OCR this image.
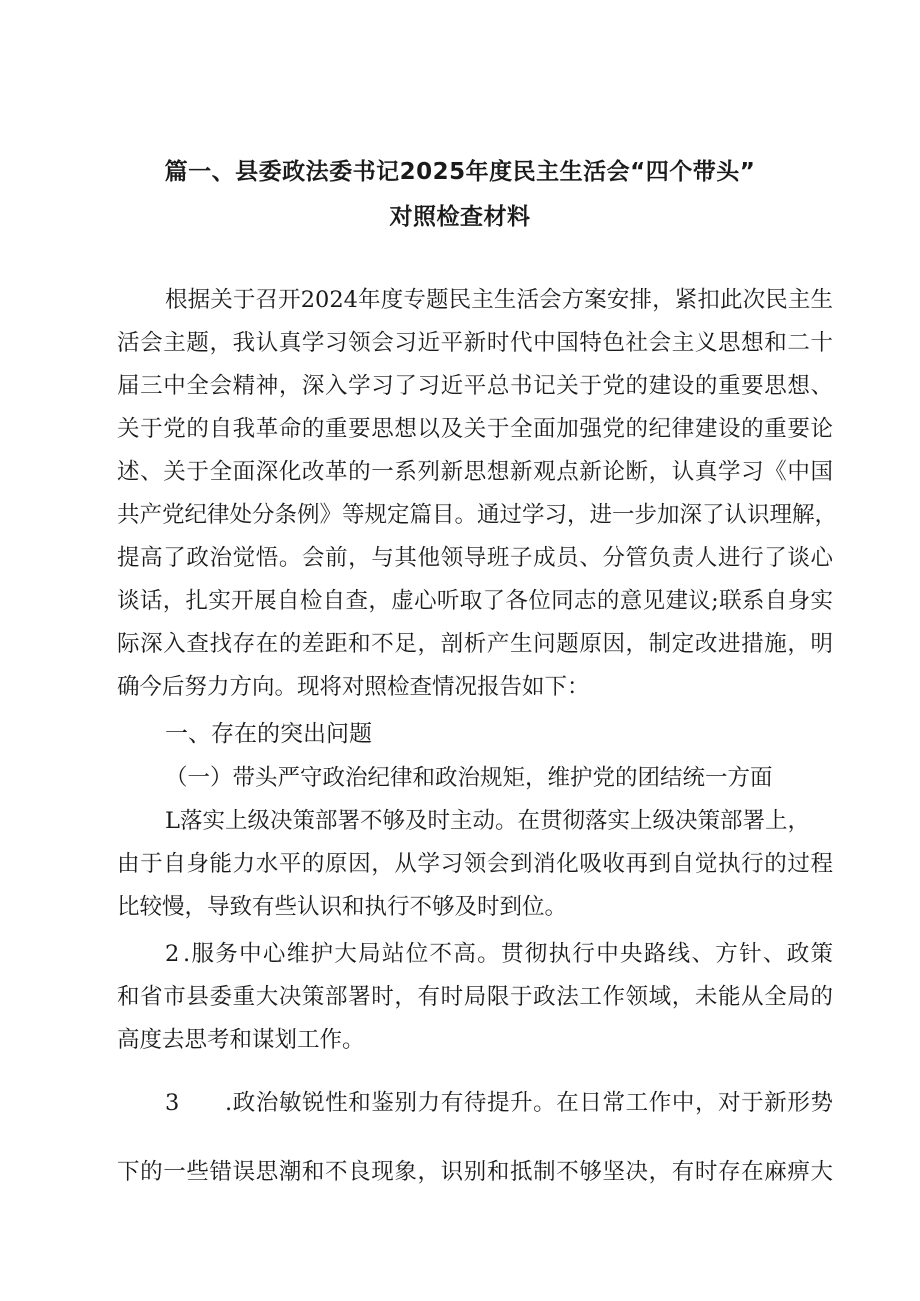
篇一、县委政法委书记2025年度民主生活会“四个带头”
对照检查材料
根据关于召开2024年度专题民主生活会方案安排，紧扣此次民主生
活会主题，我认真学习领会习近平新时代中国特色社会主义思想和二十
届三中全会精神，深入学习了习近平总书记关于党的建设的重要思想、
关于党的自我革命的重要思想以及关于全面加强党的纪律建设的重要论
述、关于全面深化改革的一系列新思想新观点新论断，认真学习《中国
共产党纪律处分条例》等规定篇目。通过学习，进一步加深了认识理解，
提高了政治觉悟。会前，与其他领导班子成员、分管负责人进行了谈心
谈话，扎实开展自检自查，虚心听取了各位同志的意见建议;联系自身实
际深入查找存在的差距和不足，剖析产生问题原因，制定改进措施，明
确今后努力方向。现将对照检查情况报告如下：
一、存在的突出问题
（一）带头严守政治纪律和政治规矩，维护党的团结统一方面
L落实上级决策部署不够及时主动。在贯彻落实上级决策部署上，
由于自身能力水平的原因，从学习领会到消化吸收再到自觉执行的过程
比较慢，导致有些认识和执行不够及时到位。
2 .服务中心维护大局站位不高。贯彻执行中央路线、方针、政策
和省市县委重大决策部署时，有时局限于政法工作领域，未能从全局的
高度去思考和谋划工作。
3 .政治敏锐性和鉴别力有待提升。在日常工作中，对于新形势
下的一些错误思潮和不良现象，识别和抵制不够坚决，有时存在麻痹大
